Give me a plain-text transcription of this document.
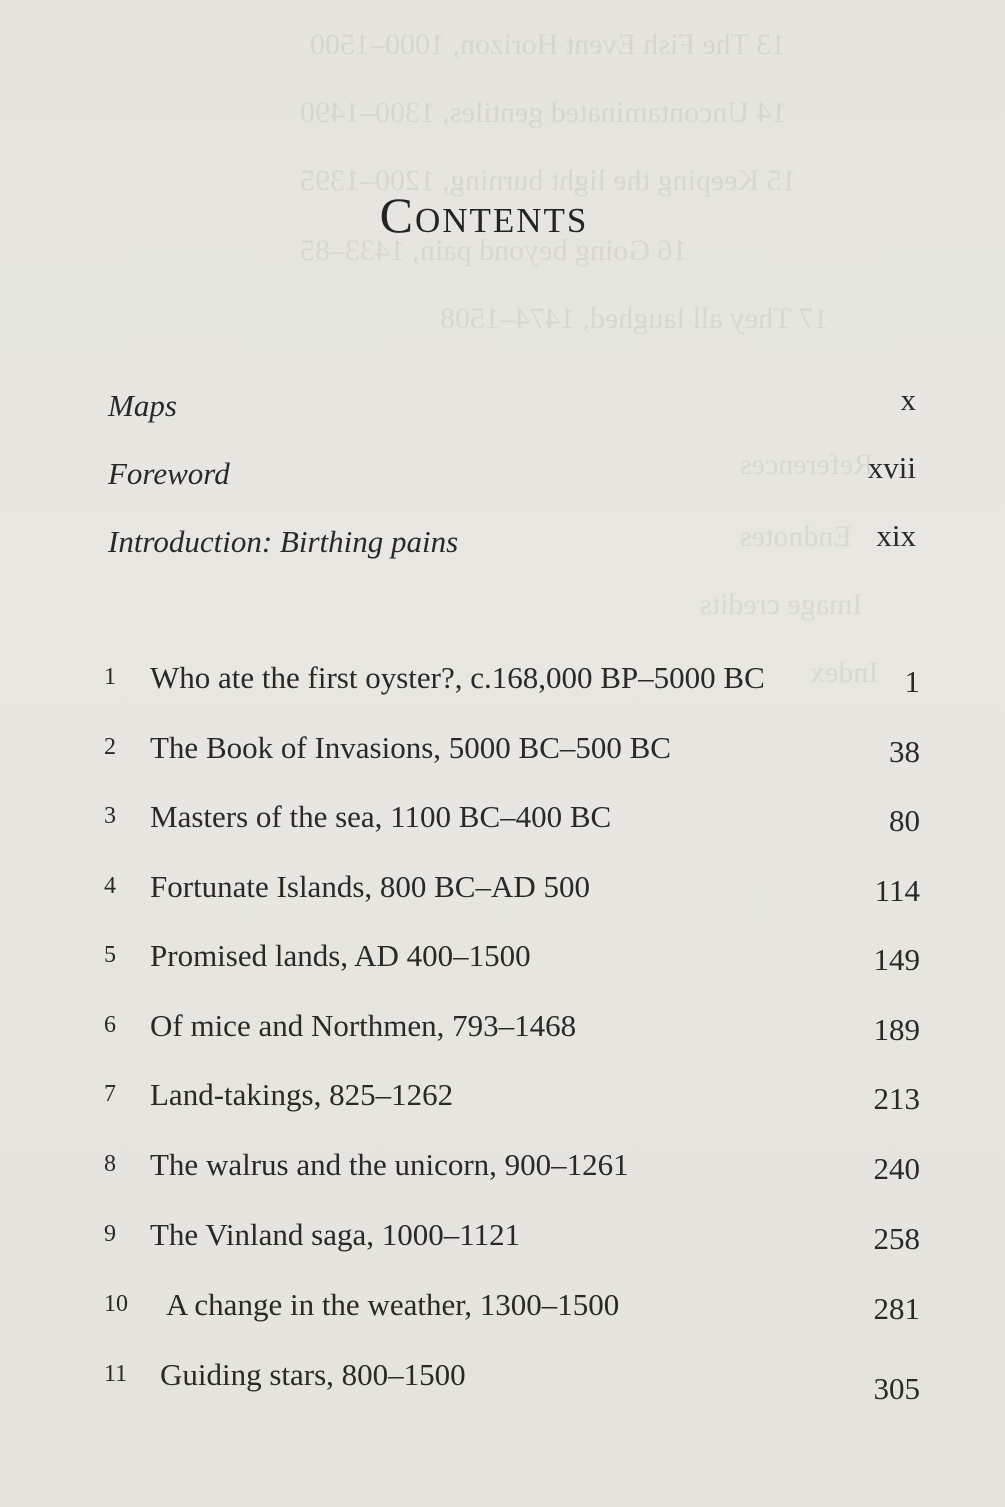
13 The Fish Event Horizon, 1000–1500
14 Uncontaminated gentiles, 1300–1490
15 Keeping the light burning, 1200–1395
16 Going beyond pain, 1433–85
17 They all laughed, 1474–1508
References
Endnotes
Image credits
Index
Contents
Maps	x
Foreword	xvii
Introduction: Birthing pains	xix
1 Who ate the first oyster?, c.168,000 BP–5000 BC	1
2 The Book of Invasions, 5000 BC–500 BC	38
3 Masters of the sea, 1100 BC–400 BC	80
4 Fortunate Islands, 800 BC–AD 500	114
5 Promised lands, AD 400–1500	149
6 Of mice and Northmen, 793–1468	189
7 Land-takings, 825–1262	213
8 The walrus and the unicorn, 900–1261	240
9 The Vinland saga, 1000–1121	258
10 A change in the weather, 1300–1500	281
11 Guiding stars, 800–1500	305
